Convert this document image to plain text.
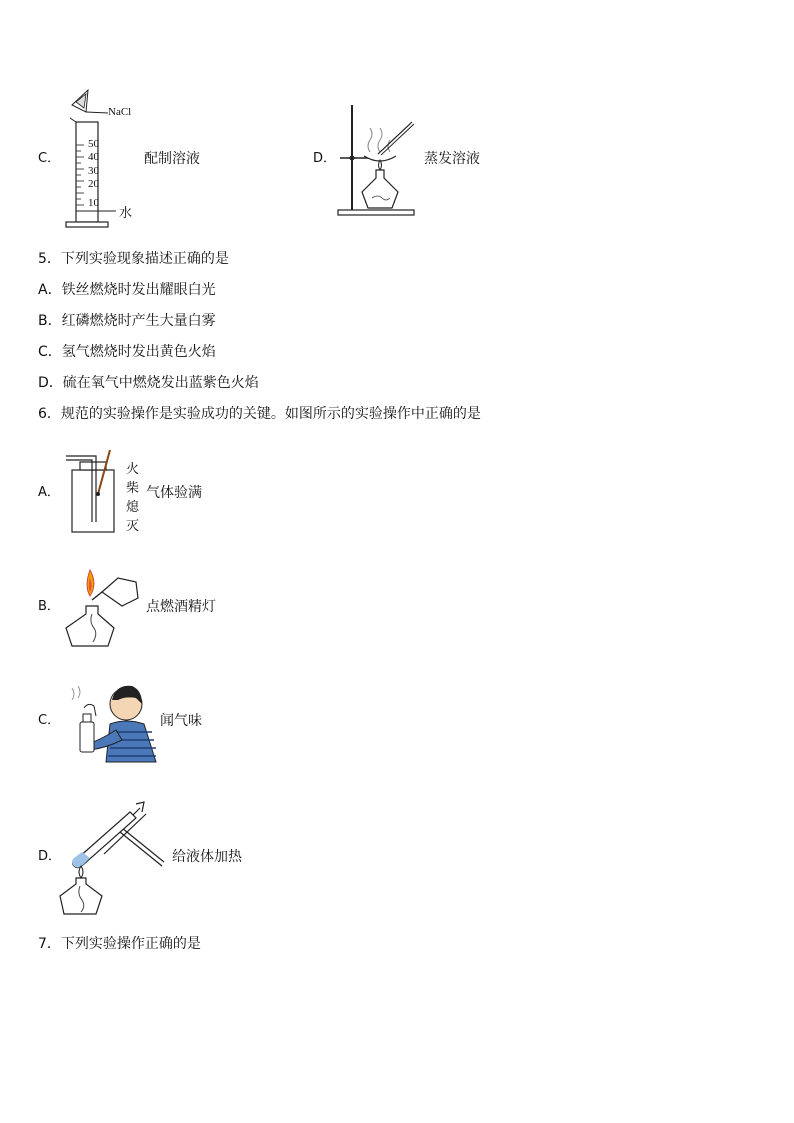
C．
NaCl
50
40
30
20
10
水
配制溶液	D．	蒸发溶液
5．下列实验现象描述正确的是
A．铁丝燃烧时发出耀眼白光
B．红磷燃烧时产生大量白雾
C．氢气燃烧时发出黄色火焰
D．硫在氧气中燃烧发出蓝紫色火焰
6．规范的实验操作是实验成功的关键。如图所示的实验操作中正确的是
A．
火
柴
熄
灭
气体验满
B．	点燃酒精灯
C．	闻气味
D．	给液体加热
7．下列实验操作正确的是
